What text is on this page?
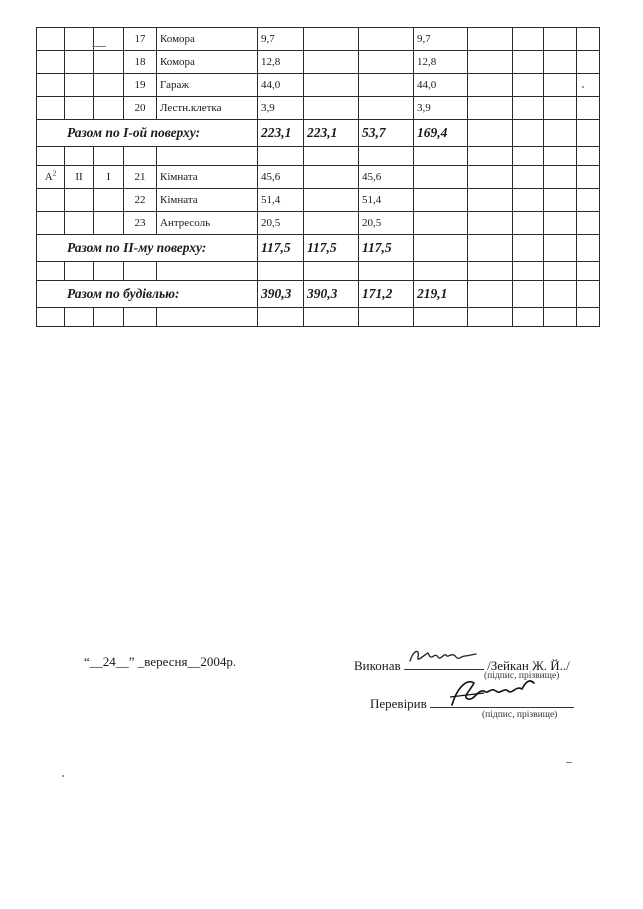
			17	Комора	9,7			9,7				
			18	Комора	12,8			12,8				
			19	Гараж	44,0			44,0				
			20	Лестн.клетка	3,9			3,9				
Разом по I-ой поверху:					223,1	223,1	53,7	169,4				

$А^2$	II	I	21	Кімната	45,6		45,6					
			22	Кімната	51,4		51,4					
			23	Антресоль	20,5		20,5					
Разом по II-му поверху:					117,5	117,5	117,5					

Разом по будівлью:					390,3	390,3	171,2	219,1				

“__24__” _вересня__2004р.	Виконав	/Зейкан Ж. Й../
(підпис, прізвище)
Перевірив
(підпис, прізвище)
